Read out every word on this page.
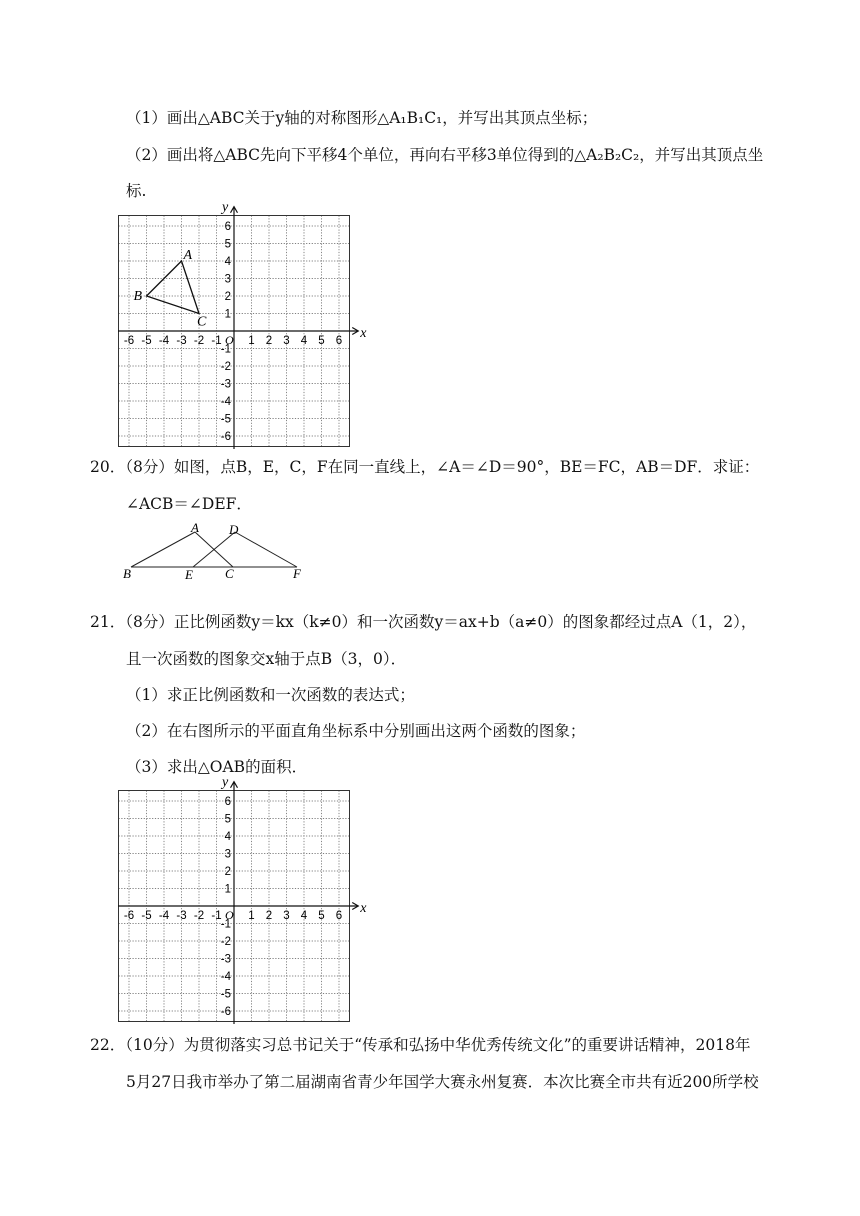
（1）画出△ABC关于y轴的对称图形△A₁B₁C₁，并写出其顶点坐标；
（2）画出将△ABC先向下平移4个单位，再向右平移3单位得到的△A₂B₂C₂，并写出其顶点坐
标.
x
y
O
-6 -5 -4 -3 -2 -1 1 2 3 4 5 6
6
5
4
3
2
1
-1
-2
-3
-4
-5
-6
A
B
C
20．（8分）如图，点B，E，C，F在同一直线上，∠A＝∠D＝90°，BE＝FC，AB＝DF．求证：
∠ACB＝∠DEF．
A D
B	E C	F
21．（8分）正比例函数y＝kx（k≠0）和一次函数y＝ax+b（a≠0）的图象都经过点A（1，2），
且一次函数的图象交x轴于点B（3，0）．
（1）求正比例函数和一次函数的表达式；
（2）在右图所示的平面直角坐标系中分别画出这两个函数的图象；
（3）求出△OAB的面积．
x
y
O
-6 -5 -4 -3 -2 -1 1 2 3 4 5 6
6
5
4
3
2
1
-1
-2
-3
-4
-5
-6
22．（10分）为贯彻落实习总书记关于“传承和弘扬中华优秀传统文化”的重要讲话精神，2018年
5月27日我市举办了第二届湖南省青少年国学大赛永州复赛．本次比赛全市共有近200所学校
